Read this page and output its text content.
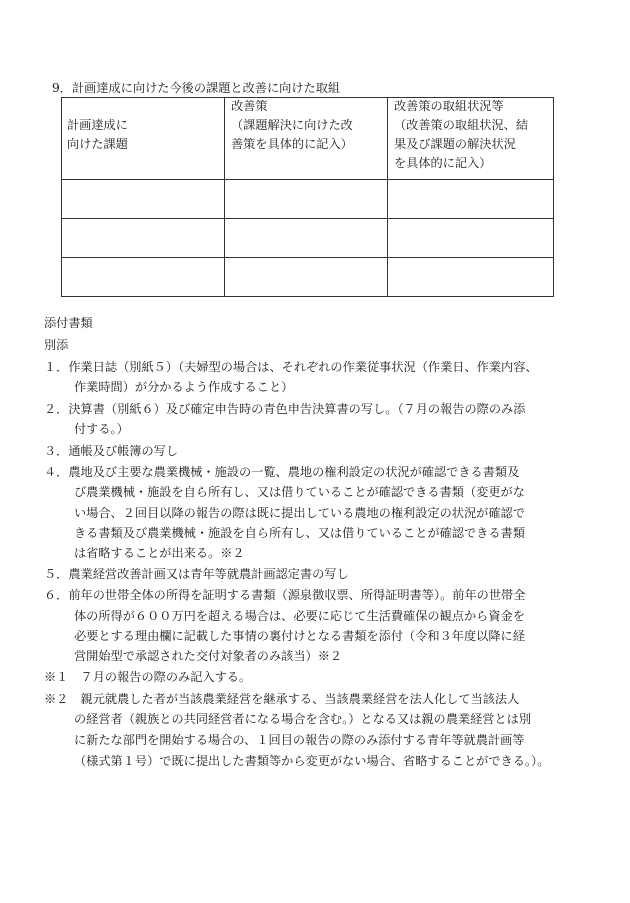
9．計画達成に向けた今後の課題と改善に向けた取組
計画達成に
向けた課題
改善策
（課題解決に向けた改
善策を具体的に記入）
改善策の取組状況等
（改善策の取組状況、結
果及び課題の解決状況
を具体的に記入）
添付書類
別添
１．作業日誌（別紙５）（夫婦型の場合は、それぞれの作業従事状況（作業日、作業内容、
作業時間）が分かるよう作成すること）
２．決算書（別紙６）及び確定申告時の青色申告決算書の写し。（７月の報告の際のみ添
付する。）
３．通帳及び帳簿の写し
４．農地及び主要な農業機械・施設の一覧、農地の権利設定の状況が確認できる書類及
び農業機械・施設を自ら所有し、又は借りていることが確認できる書類（変更がな
い場合、２回目以降の報告の際は既に提出している農地の権利設定の状況が確認で
きる書類及び農業機械・施設を自ら所有し、又は借りていることが確認できる書類
は省略することが出来る。※２
５．農業経営改善計画又は青年等就農計画認定書の写し
６．前年の世帯全体の所得を証明する書類（源泉徴収票、所得証明書等）。前年の世帯全
体の所得が６００万円を超える場合は、必要に応じて生活費確保の観点から資金を
必要とする理由欄に記載した事情の裏付けとなる書類を添付（令和３年度以降に経
営開始型で承認された交付対象者のみ該当）※２
※１　７月の報告の際のみ記入する。
※２　親元就農した者が当該農業経営を継承する、当該農業経営を法人化して当該法人
の経営者（親族との共同経営者になる場合を含む。）となる又は親の農業経営とは別
に新たな部門を開始する場合の、１回目の報告の際のみ添付する青年等就農計画等
（様式第１号）で既に提出した書類等から変更がない場合、省略することができる。）。
